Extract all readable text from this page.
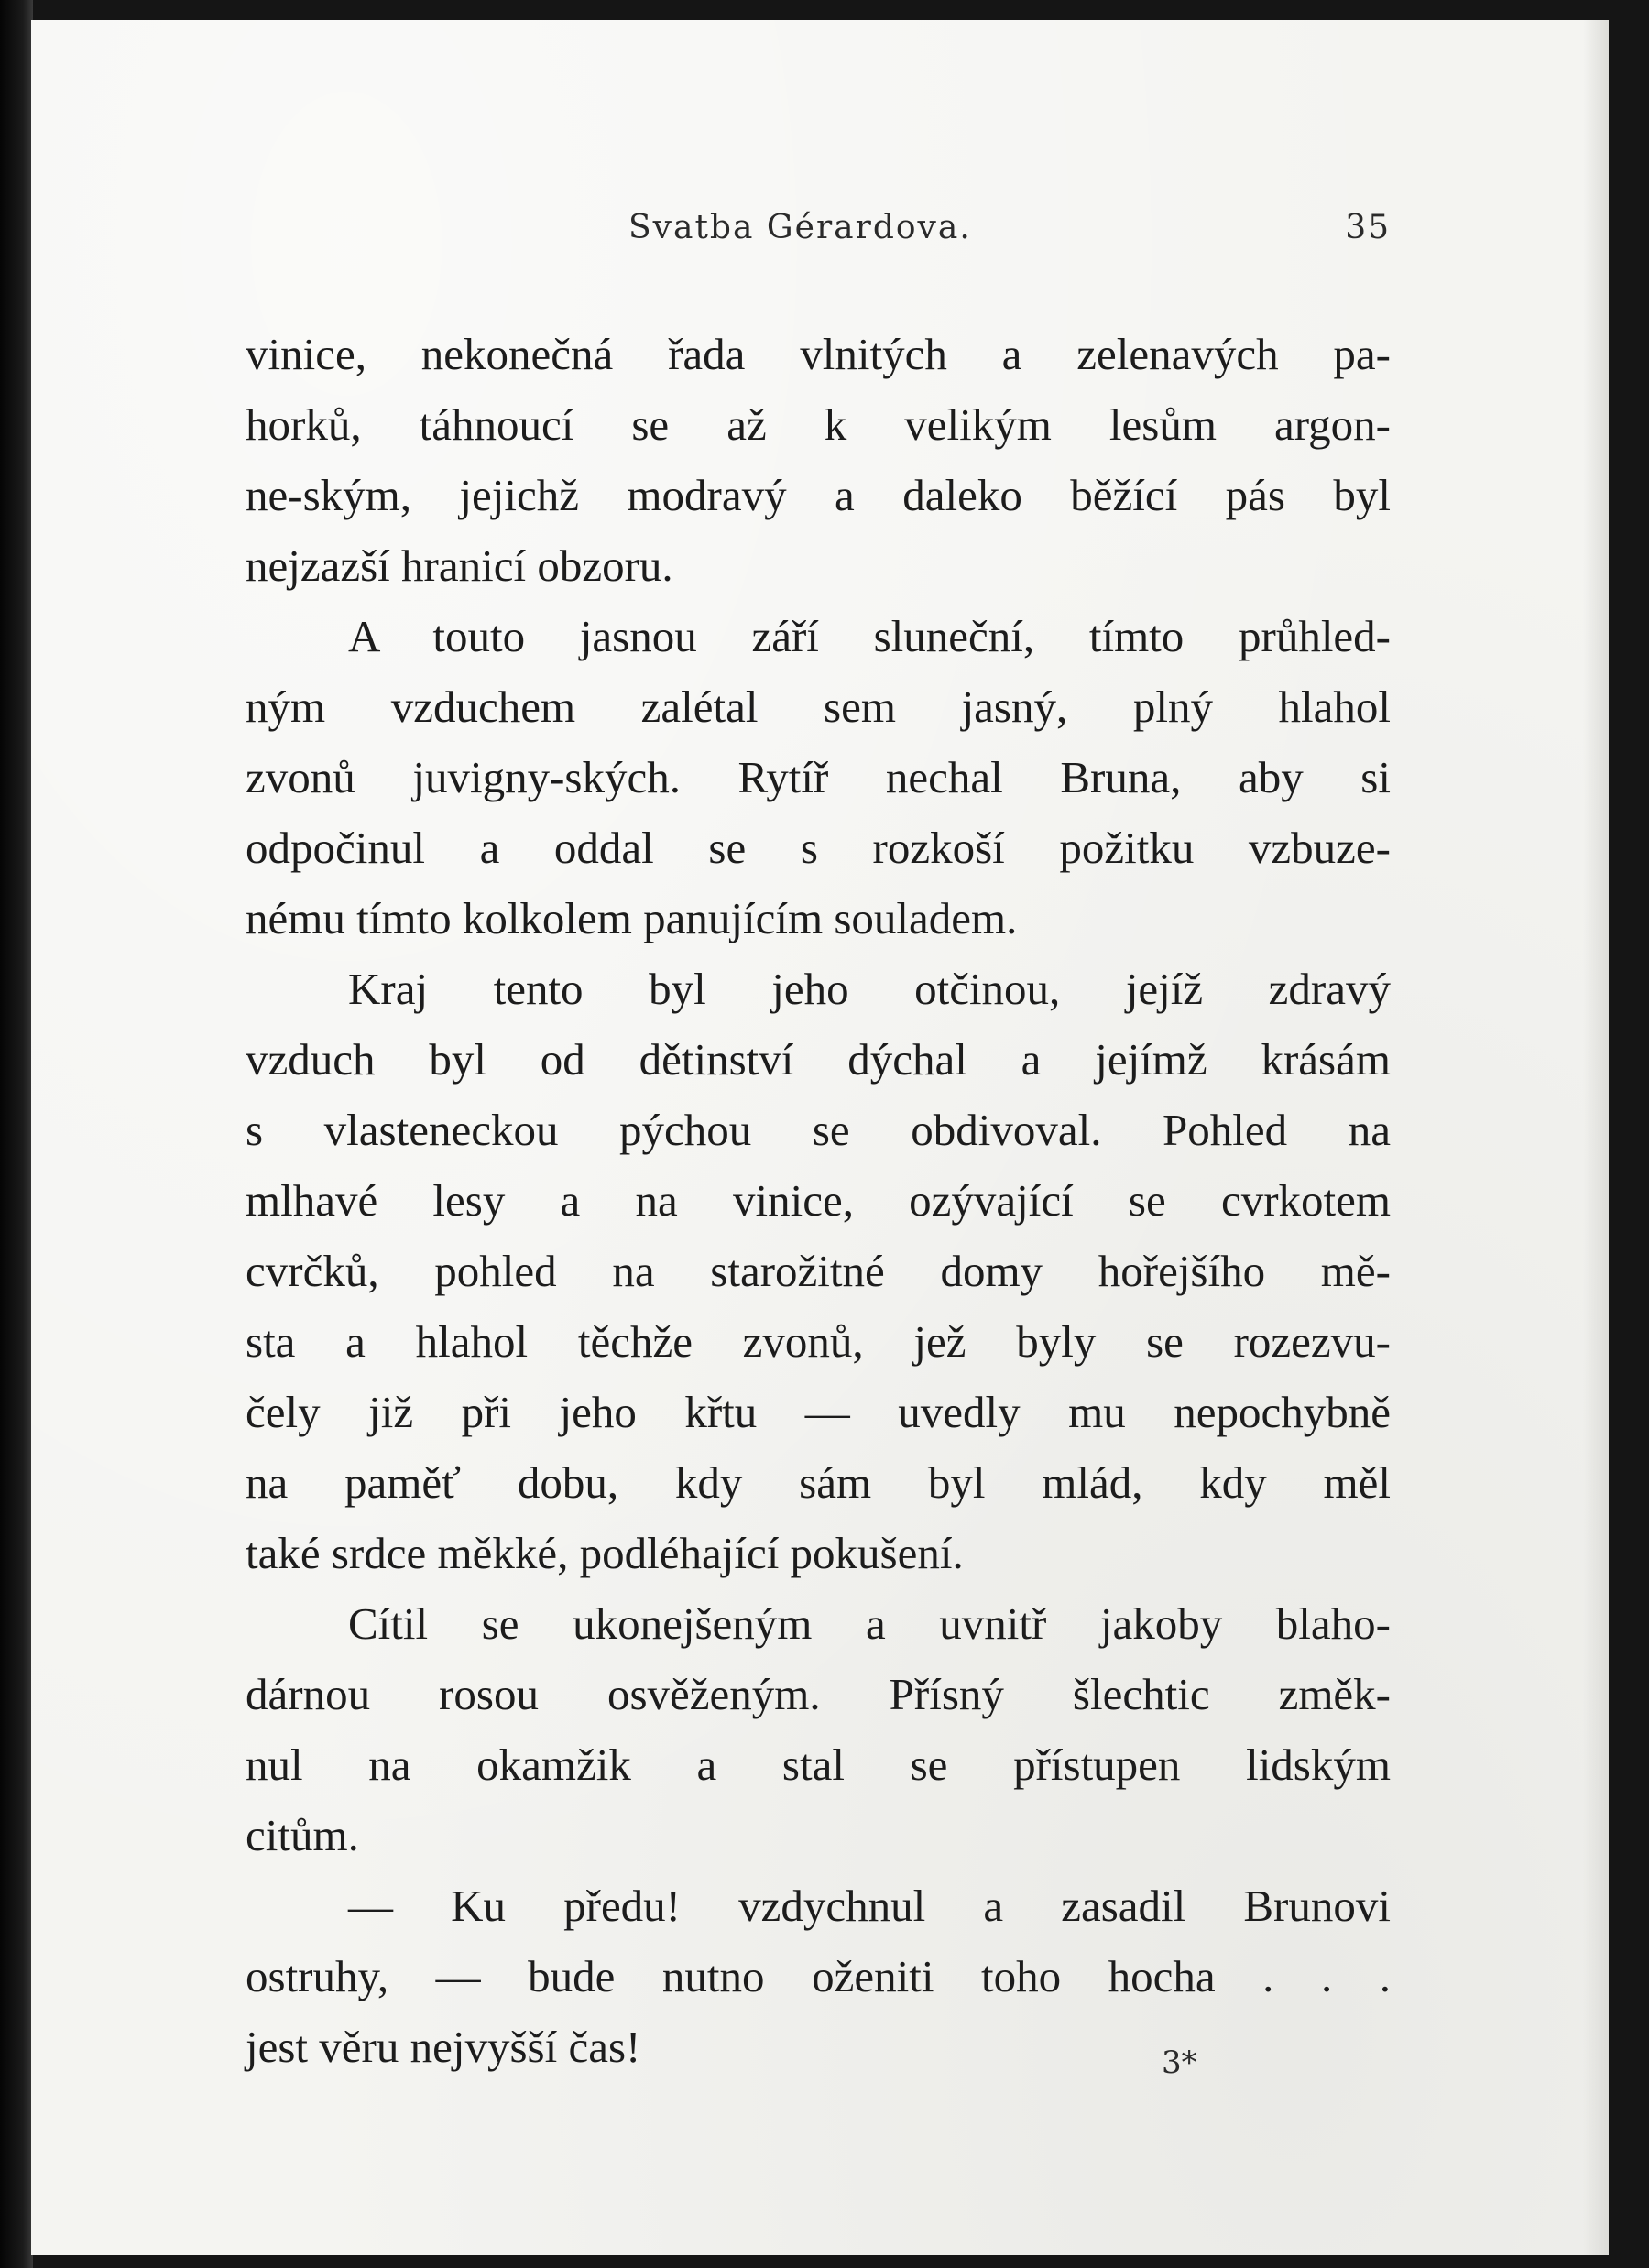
Svatba Gérardova.	35
vinice, nekonečná řada vlnitých a zelenavých pa-
horků, táhnoucí se až k velikým lesům argon-
ne-ským, jejichž modravý a daleko běžící pás byl
nejzazší hranicí obzoru.
A touto jasnou září sluneční, tímto průhled-
ným vzduchem zalétal sem jasný, plný hlahol
zvonů juvigny-ských. Rytíř nechal Bruna, aby si
odpočinul a oddal se s rozkoší požitku vzbuze-
nému tímto kolkolem panujícím souladem.
Kraj tento byl jeho otčinou, jejíž zdravý
vzduch byl od dětinství dýchal a jejímž krásám
s vlasteneckou pýchou se obdivoval. Pohled na
mlhavé lesy a na vinice, ozývající se cvrkotem
cvrčků, pohled na starožitné domy hořejšího mě-
sta a hlahol těchže zvonů, jež byly se rozezvu-
čely již při jeho křtu — uvedly mu nepochybně
na paměť dobu, kdy sám byl mlád, kdy měl
také srdce měkké, podléhající pokušení.
Cítil se ukonejšeným a uvnitř jakoby blaho-
dárnou rosou osvěženým. Přísný šlechtic změk-
nul na okamžik a stal se přístupen lidským
citům.
— Ku předu! vzdychnul a zasadil Brunovi
ostruhy, — bude nutno oženiti toho hocha . . .
jest věru nejvyšší čas!	3*
